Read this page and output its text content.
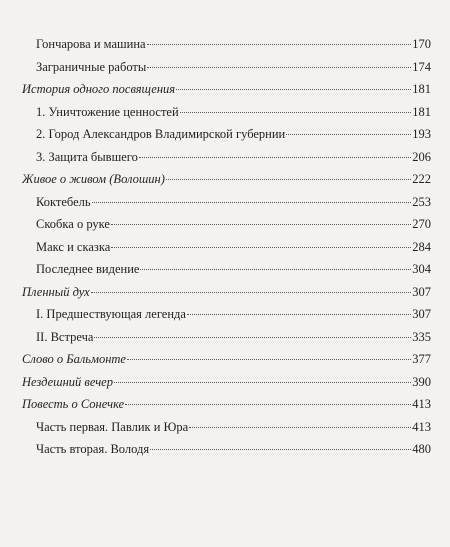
Гончарова и машина	170
Заграничные работы	174
История одного посвящения	181
1. Уничтожение ценностей	181
2. Город Александров Владимирской губернии	193
3. Защита бывшего	206
Живое о живом (Волошин)	222
Коктебель	253
Скобка о руке	270
Макс и сказка	284
Последнее видение	304
Пленный дух	307
I. Предшествующая легенда	307
II. Встреча	335
Слово о Бальмонте	377
Нездешний вечер	390
Повесть о Сонечке	413
Часть первая. Павлик и Юра	413
Часть вторая. Володя	480
